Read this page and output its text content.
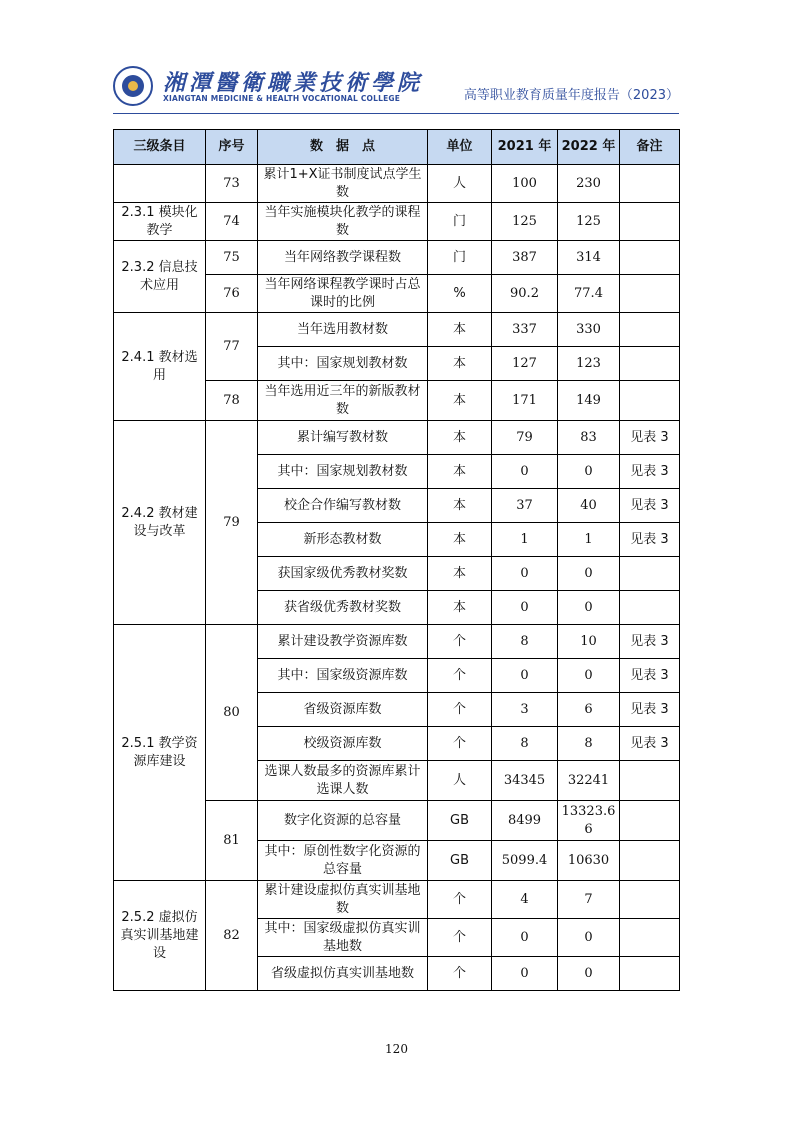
湘潭醫衛職業技術學院
XIANGTAN MEDICINE & HEALTH VOCATIONAL COLLEGE	高等职业教育质量年度报告（2023）
三级条目	序号	数　据　点	单位	2021 年	2022 年	备注
	73	累计1+X证书制度试点学生数	人	100	230	
2.3.1 模块化教学	74	当年实施模块化教学的课程数	门	125	125	
2.3.2 信息技术应用	75	当年网络教学课程数	门	387	314	
	76	当年网络课程教学课时占总课时的比例	%	90.2	77.4	
2.4.1 教材选用	77	当年选用教材数	本	337	330	
		其中：国家规划教材数	本	127	123	
	78	当年选用近三年的新版教材数	本	171	149	
2.4.2 教材建设与改革	79	累计编写教材数	本	79	83	见表 3
		其中：国家规划教材数	本	0	0	见表 3
		校企合作编写教材数	本	37	40	见表 3
		新形态教材数	本	1	1	见表 3
		获国家级优秀教材奖数	本	0	0	
		获省级优秀教材奖数	本	0	0	
2.5.1 教学资源库建设	80	累计建设教学资源库数	个	8	10	见表 3
		其中：国家级资源库数	个	0	0	见表 3
		省级资源库数	个	3	6	见表 3
		校级资源库数	个	8	8	见表 3
		选课人数最多的资源库累计选课人数	人	34345	32241	
	81	数字化资源的总容量	GB	8499	13323.66	
		其中：原创性数字化资源的总容量	GB	5099.4	10630	
2.5.2 虚拟仿真实训基地建设	82	累计建设虚拟仿真实训基地数	个	4	7	
		其中：国家级虚拟仿真实训基地数	个	0	0	
		省级虚拟仿真实训基地数	个	0	0	
120
